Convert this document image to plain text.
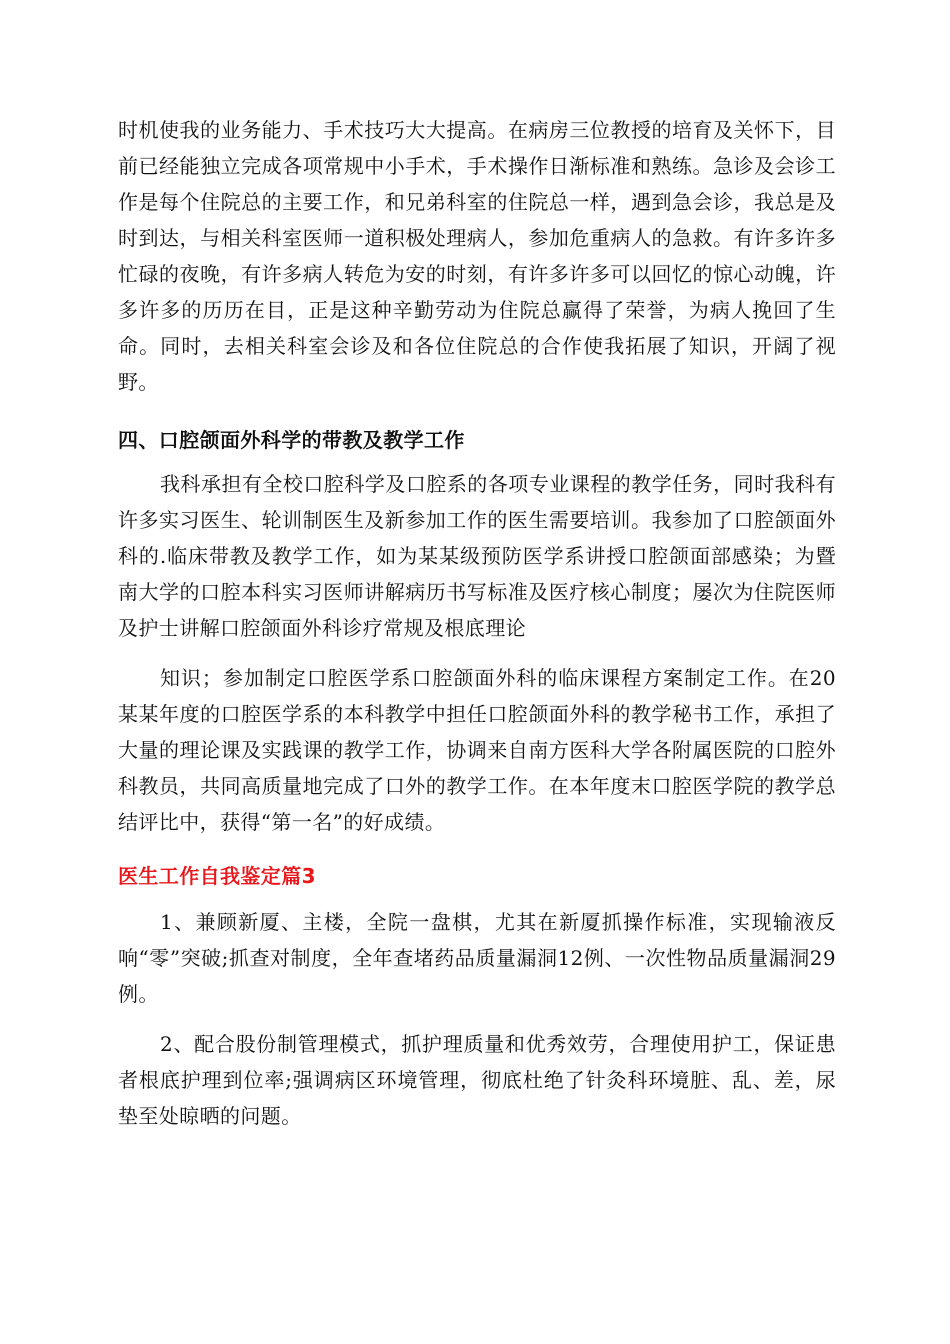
时机使我的业务能力、手术技巧大大提高。在病房三位教授的培育及关怀下，目前已经能独立完成各项常规中小手术，手术操作日渐标准和熟练。急诊及会诊工作是每个住院总的主要工作，和兄弟科室的住院总一样，遇到急会诊，我总是及时到达，与相关科室医师一道积极处理病人，参加危重病人的急救。有许多许多忙碌的夜晚，有许多病人转危为安的时刻，有许多许多可以回忆的惊心动魄，许多许多的历历在目，正是这种辛勤劳动为住院总赢得了荣誉，为病人挽回了生命。同时，去相关科室会诊及和各位住院总的合作使我拓展了知识，开阔了视野。

四、口腔颌面外科学的带教及教学工作

我科承担有全校口腔科学及口腔系的各项专业课程的教学任务，同时我科有许多实习医生、轮训制医生及新参加工作的医生需要培训。我参加了口腔颌面外科的.临床带教及教学工作，如为某某级预防医学系讲授口腔颌面部感染；为暨南大学的口腔本科实习医师讲解病历书写标准及医疗核心制度；屡次为住院医师及护士讲解口腔颌面外科诊疗常规及根底理论

知识；参加制定口腔医学系口腔颌面外科的临床课程方案制定工作。在20某某年度的口腔医学系的本科教学中担任口腔颌面外科的教学秘书工作，承担了大量的理论课及实践课的教学工作，协调来自南方医科大学各附属医院的口腔外科教员，共同高质量地完成了口外的教学工作。在本年度末口腔医学院的教学总结评比中，获得“第一名”的好成绩。

医生工作自我鉴定篇3

1、兼顾新厦、主楼，全院一盘棋，尤其在新厦抓操作标准，实现输液反响“零”突破;抓查对制度，全年查堵药品质量漏洞12例、一次性物品质量漏洞29例。

2、配合股份制管理模式，抓护理质量和优秀效劳，合理使用护工，保证患者根底护理到位率;强调病区环境管理，彻底杜绝了针灸科环境脏、乱、差，尿垫至处晾晒的问题。
